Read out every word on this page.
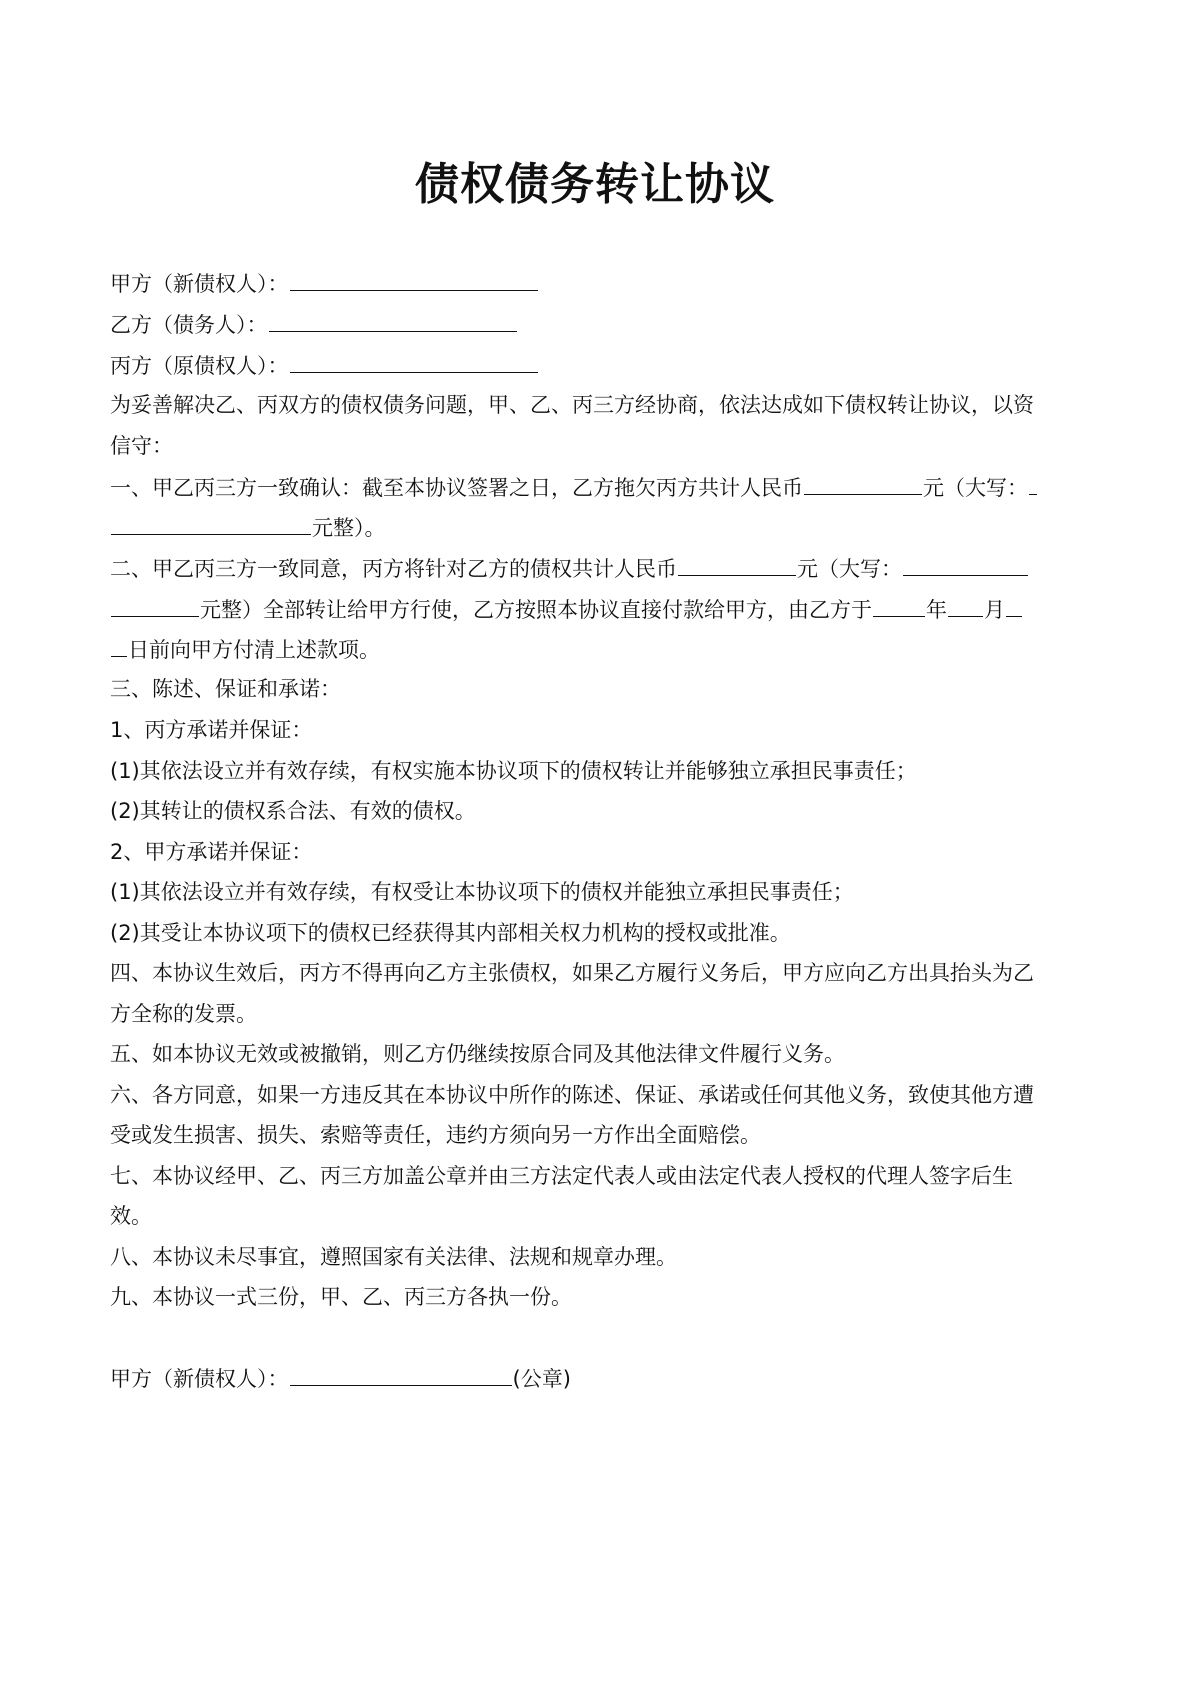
债权债务转让协议

甲方（新债权人）：

乙方（债务人）：

丙方（原债权人）：

为妥善解决乙、丙双方的债权债务问题，甲、乙、丙三方经协商，依法达成如下债权转让协议，以资

信守：

一、甲乙丙三方一致确认：截至本协议签署之日，乙方拖欠丙方共计人民币	元（大写：

元整）。

二、甲乙丙三方一致同意，丙方将针对乙方的债权共计人民币	元（大写：

元整）全部转让给甲方行使，乙方按照本协议直接付款给甲方，由乙方于	年 月

日前向甲方付清上述款项。

三、陈述、保证和承诺：

1、丙方承诺并保证：

(1)其依法设立并有效存续，有权实施本协议项下的债权转让并能够独立承担民事责任；

(2)其转让的债权系合法、有效的债权。

2、甲方承诺并保证：

(1)其依法设立并有效存续，有权受让本协议项下的债权并能独立承担民事责任；

(2)其受让本协议项下的债权已经获得其内部相关权力机构的授权或批准。

四、本协议生效后，丙方不得再向乙方主张债权，如果乙方履行义务后，甲方应向乙方出具抬头为乙

方全称的发票。

五、如本协议无效或被撤销，则乙方仍继续按原合同及其他法律文件履行义务。

六、各方同意，如果一方违反其在本协议中所作的陈述、保证、承诺或任何其他义务，致使其他方遭

受或发生损害、损失、索赔等责任，违约方须向另一方作出全面赔偿。

七、本协议经甲、乙、丙三方加盖公章并由三方法定代表人或由法定代表人授权的代理人签字后生

效。

八、本协议未尽事宜，遵照国家有关法律、法规和规章办理。

九、本协议一式三份，甲、乙、丙三方各执一份。

甲方（新债权人）：	(公章)
